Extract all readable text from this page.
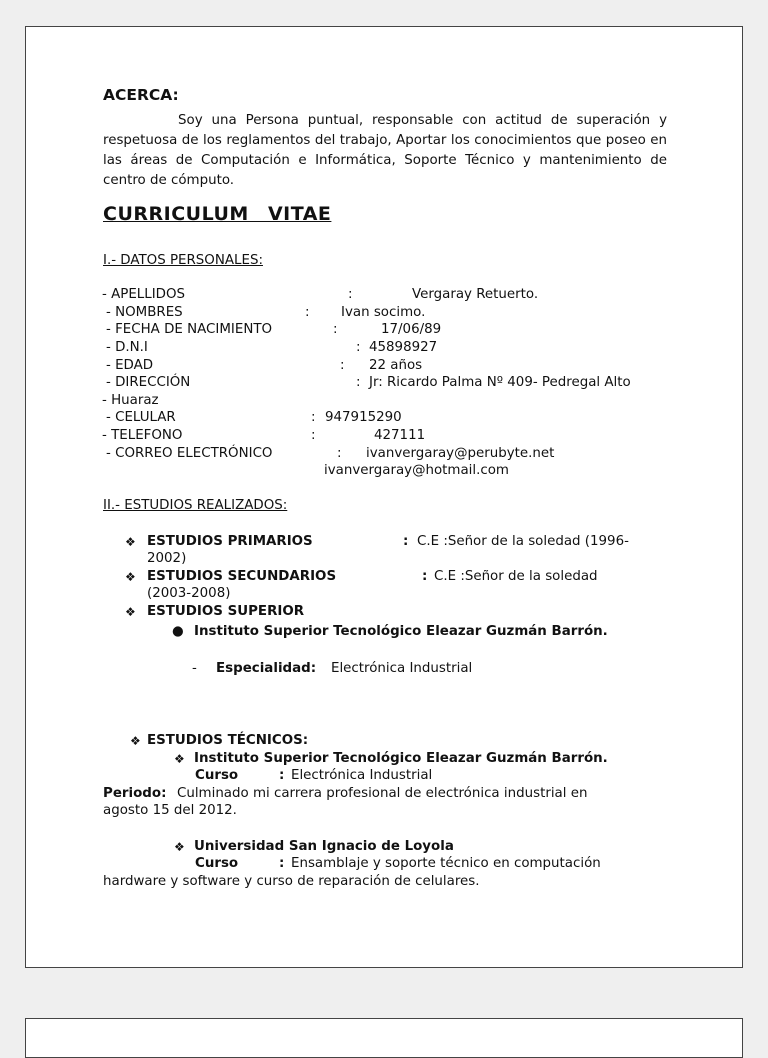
ACERCA:
Soy una Persona puntual, responsable con actitud de superación y respetuosa de los reglamentos del trabajo, Aportar los conocimientos que poseo en las áreas de Computación e Informática, Soporte Técnico y mantenimiento de centro de cómputo.
CURRICULUM VITAE
I.- DATOS PERSONALES:
- APELLIDOS	:	Vergaray Retuerto.
- NOMBRES	: Ivan socimo.
- FECHA DE NACIMIENTO	:	17/06/89
- D.N.I	: 45898927
- EDAD	: 22 años
- DIRECCIÓN	: Jr: Ricardo Palma Nº 409- Pedregal Alto
- Huaraz
- CELULAR	: 947915290
- TELEFONO	:	427111
- CORREO ELECTRÓNICO	: ivanvergaray@perubyte.net
ivanvergaray@hotmail.com
II.- ESTUDIOS REALIZADOS:
❖ ESTUDIOS PRIMARIOS	: C.E :Señor de la soledad (1996-
2002)
❖ ESTUDIOS SECUNDARIOS	: C.E :Señor de la soledad
(2003-2008)
❖ ESTUDIOS SUPERIOR
● Instituto Superior Tecnológico Eleazar Guzmán Barrón.
- Especialidad: Electrónica Industrial
❖ ESTUDIOS TÉCNICOS:
❖ Instituto Superior Tecnológico Eleazar Guzmán Barrón.
Curso	: Electrónica Industrial
Periodo: Culminado mi carrera profesional de electrónica industrial en
agosto 15 del 2012.
❖ Universidad San Ignacio de Loyola
Curso	: Ensamblaje y soporte técnico en computación
hardware y software y curso de reparación de celulares.
